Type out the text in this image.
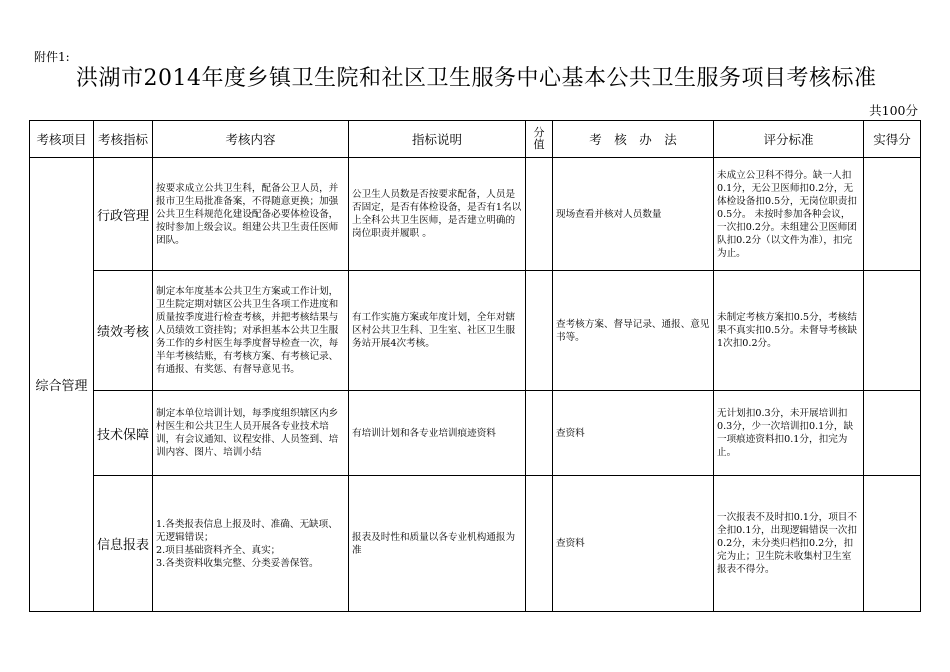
附件1:
洪湖市2014年度乡镇卫生院和社区卫生服务中心基本公共卫生服务项目考核标准
共100分
考核项目	考核指标	考核内容	指标说明	分值	考　核　办　法	评分标准	实得分
综合管理	行政管理	按要求成立公共卫生科，配备公卫人员，并报市卫生局批准备案，不得随意更换；加强公共卫生科规范化建设配备必要体检设备，按时参加上级会议。组建公共卫生责任医师团队。	公卫生人员数是否按要求配备，人员是否固定，是否有体检设备，是否有1名以上全科公共卫生医师，是否建立明确的岗位职责并履职 。		现场查看并核对人员数量	未成立公卫科不得分。缺一人扣0.1分，无公卫医师扣0.2分，无体检设备扣0.5分，无岗位职责扣0.5分。 未按时参加各种会议，一次扣0.2分。未组建公卫医师团队扣0.2分（以文件为准），扣完为止。	
	绩效考核	制定本年度基本公共卫生方案或工作计划，卫生院定期对辖区公共卫生各项工作进度和质量按季度进行检查考核，并把考核结果与人员绩效工资挂钩；对承担基本公共卫生服务工作的乡村医生每季度督导检查一次，每半年考核结账，有考核方案、有考核记录、有通报、有奖惩、有督导意见书。	有工作实施方案或年度计划，全年对辖区村公共卫生科、卫生室、社区卫生服务站开展4次考核。		查考核方案、督导记录、通报、意见书等。	未制定考核方案扣0.5分，考核结果不真实扣0.5分。未督导考核缺1次扣0.2分。	
	技术保障	制定本单位培训计划，每季度组织辖区内乡村医生和公共卫生人员开展各专业技术培训，有会议通知、议程安排、人员签到、培训内容、图片、培训小结	有培训计划和各专业培训痕迹资料		查资料	无计划扣0.3分，未开展培训扣0.3分，少一次培训扣0.1分，缺一项痕迹资料扣0.1分，扣完为止。	
	信息报表	1.各类报表信息上报及时、准确、无缺项、无逻辑错误；
2.项目基础资料齐全、真实；
3.各类资料收集完整、分类妥善保管。	报表及时性和质量以各专业机构通报为准		查资料	一次报表不及时扣0.1分，项目不全扣0.1分，出现逻辑错误一次扣0.2分，未分类归档扣0.2分，扣完为止；卫生院未收集村卫生室报表不得分。	
